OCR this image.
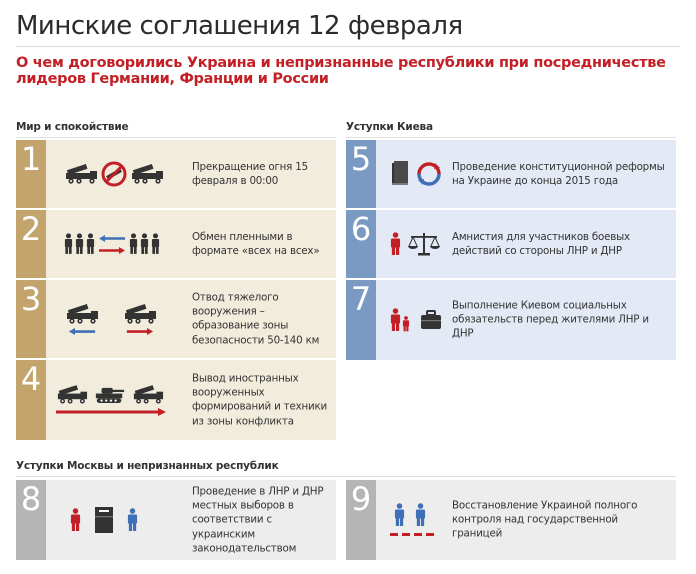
Минские соглашения 12 февраля
О чем договорились Украина и непризнанные республики при посредничестве лидеров Германии, Франции и России
Мир и спокойствие	Уступки Киева
Уступки Москвы и непризнанных республик
1	Прекращение огня 15 февраля в 00:00
2	Обмен пленными в формате «всех на всех»
3	Отвод тяжелого вооружения – образование зоны безопасности 50-140 км
4	Вывод иностранных вооруженных формирований и техники из зоны конфликта
5	Проведение конституционной реформы на Украине до конца 2015 года
6	Амнистия для участников боевых действий со стороны ЛНР и ДНР
7	Выполнение Киевом социальных обязательств перед жителями ЛНР и ДНР
8	Проведение в ЛНР и ДНР местных выборов в соответствии с украинским законодательством
9	Восстановление Украиной полного контроля над государственной границей
